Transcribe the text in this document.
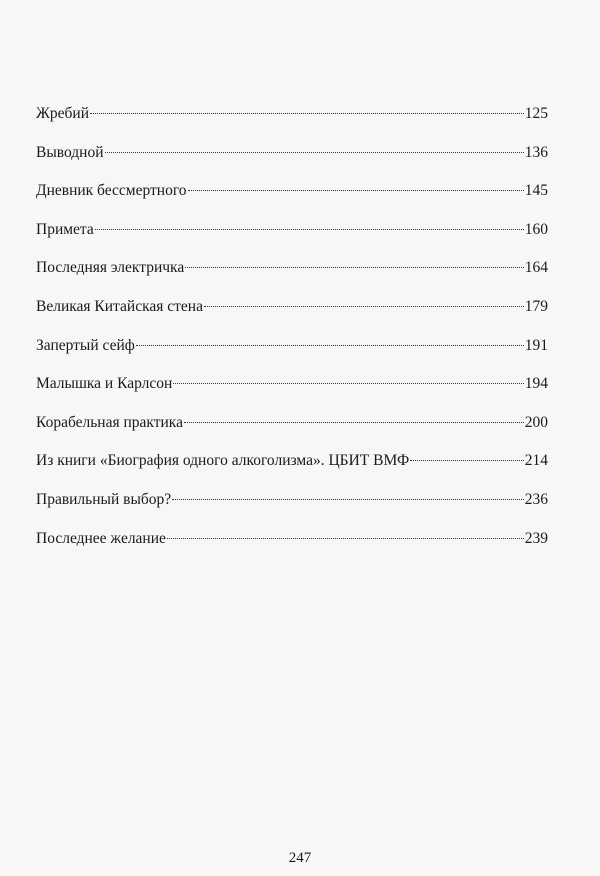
Жребий	125
Выводной	136
Дневник бессмертного	145
Примета	160
Последняя электричка	164
Великая Китайская стена	179
Запертый сейф	191
Малышка и Карлсон	194
Корабельная практика	200
Из книги «Биография одного алкоголизма». ЦБИТ ВМФ	214
Правильный выбор?	236
Последнее желание	239
247
